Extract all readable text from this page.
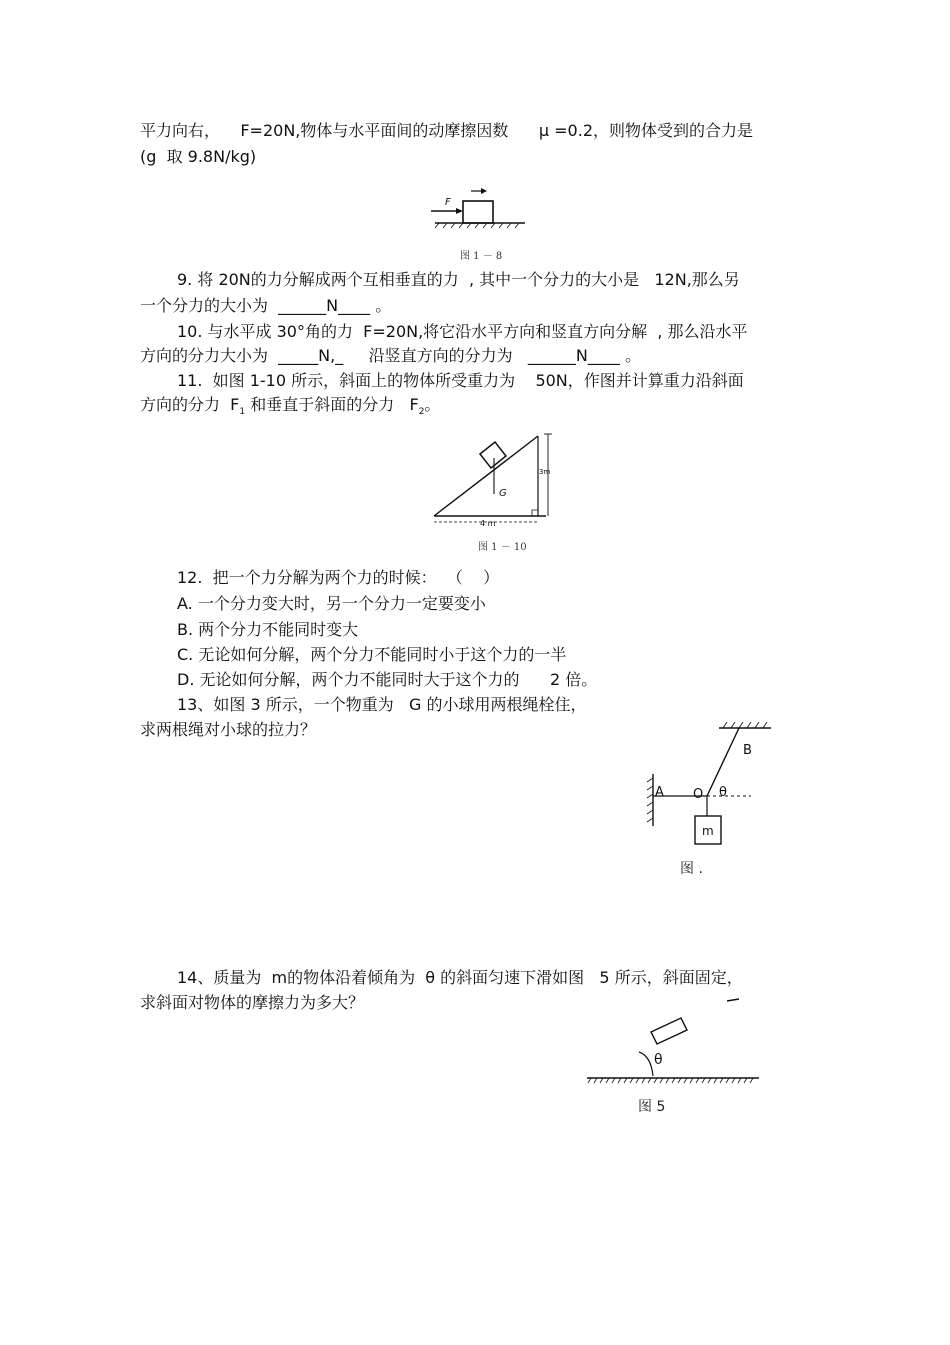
平力向右，    F=20N,物体与水平面间的动摩擦因数      μ =0.2，则物体受到的合力是
(g  取 9.8N/kg)
F
图 1 － 8
9. 将 20N的力分解成两个互相垂直的力  , 其中一个分力的大小是   12N,那么另
一个分力的大小为  ______N____ 。
10. 与水平成 30°角的力  F=20N,将它沿水平方向和竖直方向分解  , 那么沿水平
方向的分力大小为  _____N,_     沿竖直方向的分力为   ______N____ 。
11.  如图 1-10 所示，斜面上的物体所受重力为    50N，作图并计算重力沿斜面
方向的分力  $F_1$ 和垂直于斜面的分力   $F_2$。
G
3m
4 m
图 1 － 10
12.  把一个力分解为两个力的时候：  （    ）
A. 一个分力变大时，另一个分力一定要变小
B. 两个分力不能同时变大
C. 无论如何分解，两个分力不能同时小于这个力的一半
D. 无论如何分解，两个力不能同时大于这个力的      2 倍。
13、如图 3 所示，一个物重为   G 的小球用两根绳栓住，
求两根绳对小球的拉力？
m
A O
B
θ
图 .
14、质量为  m的物体沿着倾角为  θ 的斜面匀速下滑如图   5 所示，斜面固定，
求斜面对物体的摩擦力为多大？
θ
图 5
